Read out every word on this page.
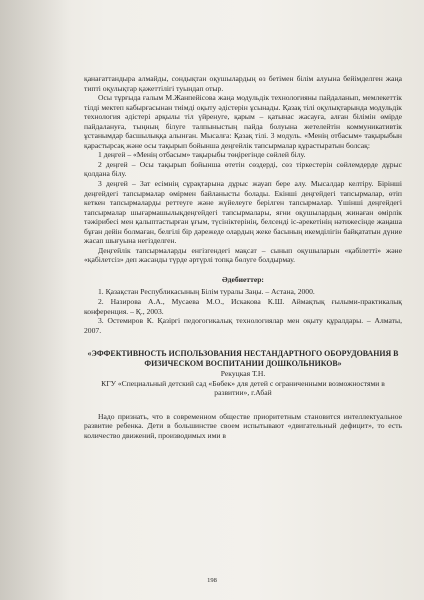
қанағаттандыра алмайды, сондықтан оқушылардың өз бетімен білім алуына бейімделген жаңа типті оқулықтар қажеттілігі туындап отыр.

Осы тұрғыда ғалым М.Жанпейісова жаңа модульдік технологияны пайдаланып, мемлекеттік тілді мектеп кабырғасынан тиімді оқыту әдістерін ұсынады. Қазақ тілі оқулықтарында модульдік технология әдістері арқылы тіл үйренуге, қарым – қатынас жасауға, алған білімін өмірде пайдалануға, тыңның білуге талпыныстың пайда болуына жетелейтін коммуникативтік ұстанымдар басшылыққа алынған. Мысалға: Қазақ тілі. 3 модуль. «Менің отбасым» тақырыбын қарастырсақ және осы тақырып бойынша деңгейлік тапсырмалар құрастыратын болсақ:

1 деңгей – «Менің отбасым» тақырыбы төңірегінде сөйлей білу.

2 деңгей – Осы тақырып бойынша өтетін сөздерді, сөз тіркестерін сөйлемдерде дұрыс қолдана білу.

3 деңгей – Зат есімнің сұрақтарына дұрыс жауап бере алу. Мысалдар келтіру. Бірінші деңгейдегі тапсырмалар өмірмен байланысты болады. Екінші деңгейдегі тапсырмалар, өтіп кеткен тапсырмаларды реттеуге және жүйелеуге берілген тапсырмалар. Үшінші деңгейдегі тапсырмалар шығармашылықдеңгейдегі тапсырмалары, яғни оқушылардың жинаған өмірлік тәжірибесі мен қалыптастырған ұғым, түсініктерінің, белсенді іс-әрекетінің нәтижесінде жаңаша бұған дейін болмаған, белгілі бір дәрежеде олардың жеке басының икемділігін байқататын дүние жасап шығуына негізделген.

Деңгейлік тапсырмаларды енгізгендегі мақсат – сынып оқушыларын «қабілетті» және «қабілетсіз» деп жасанды түрде әртүрлі топқа бөлуге болдырмау.

Әдебиеттер:

1. Қазақстан Республикасының Білім туралы Заңы. – Астана, 2000.

2. Назирова А.А., Мусаева М.О., Искакова К.Ш. Аймақтық ғылыми-практикалық конференция. – Қ., 2003.

3. Остемиров К. Қазіргі педогогикалық технологиялар мен оқыту құралдары. – Алматы, 2007.

«ЭФФЕКТИВНОСТЬ ИСПОЛЬЗОВАНИЯ НЕСТАНДАРТНОГО ОБОРУДОВАНИЯ В ФИЗИЧЕСКОМ ВОСПИТАНИИ ДОШКОЛЬНИКОВ»

Рекуцкая Т.Н.

КГУ «Специальный детский сад «Бөбек» для детей с ограниченными возможностями в развитии», г.Абай

Надо признать, что в современном обществе приоритетным становится интеллектуальное развитие ребенка. Дети в большинстве своем испытывают «двигательный дефицит», то есть количество движений, производимых ими в

198
